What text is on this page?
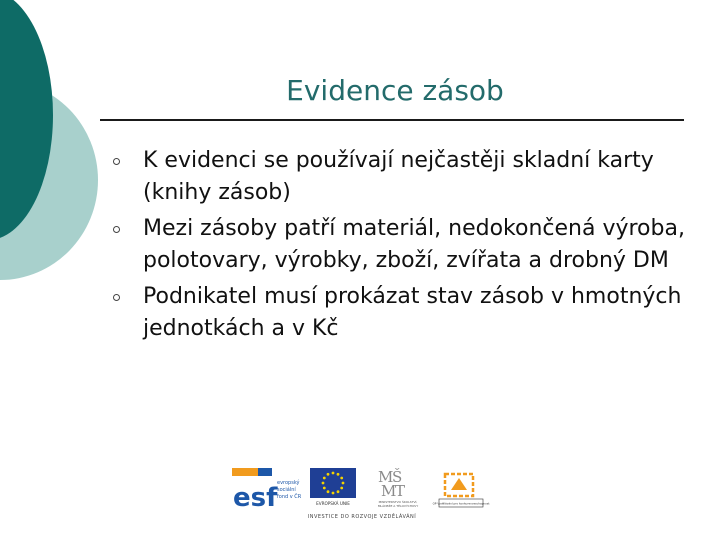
Evidence zásob
K evidenci se používají nejčastěji skladní karty (knihy zásob)
Mezi zásoby patří materiál, nedokončená výroba, polotovary, výrobky, zboží, zvířata a drobný DM
Podnikatel musí prokázat stav zásob v hmotných jednotkách a v Kč
esf evropský
sociální
fond v ČR
EVROPSKÁ UNIE
M
Š
M
T
MINISTERSTVO ŠKOLSTVÍ,
MLÁDEŽE A TĚLOVÝCHOVY
OP Vzdělávání pro konkurenceschopnost
INVESTICE DO ROZVOJE VZDĚLÁVÁNÍ
